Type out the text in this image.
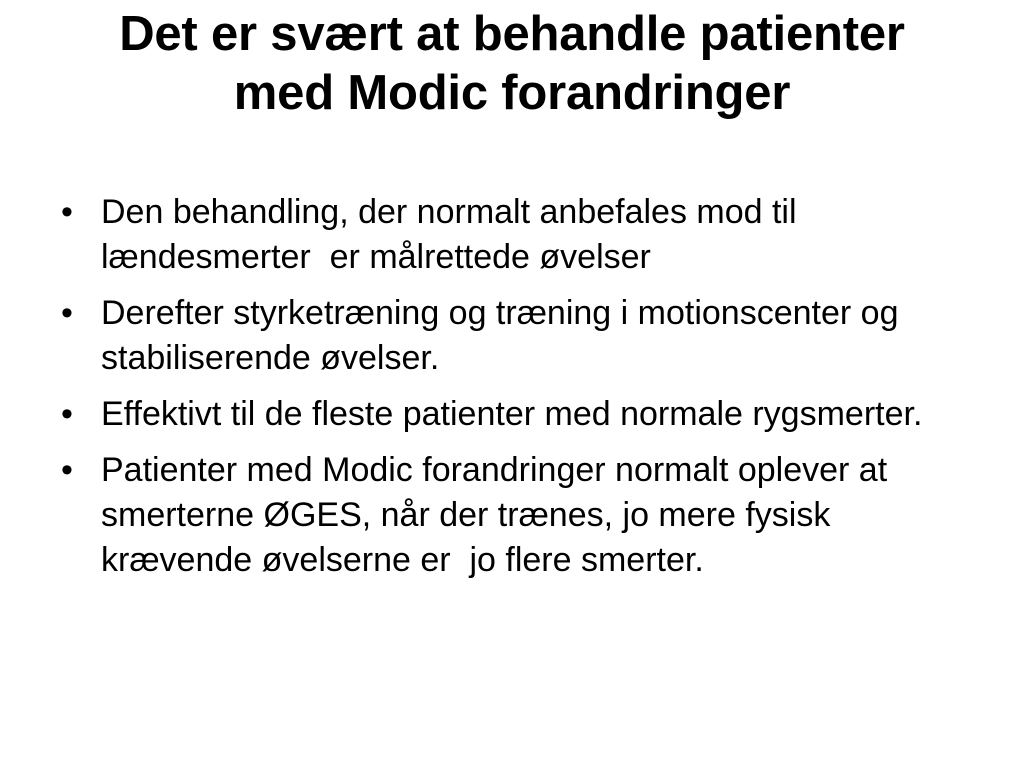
Det er svært at behandle patienter med Modic forandringer
• Den behandling, der normalt anbefales mod til lændesmerter  er målrettede øvelser
• Derefter styrketræning og træning i motionscenter og stabiliserende øvelser.
• Effektivt til de fleste patienter med normale rygsmerter.
• Patienter med Modic forandringer normalt oplever at smerterne ØGES, når der trænes, jo mere fysisk krævende øvelserne er  jo flere smerter.
